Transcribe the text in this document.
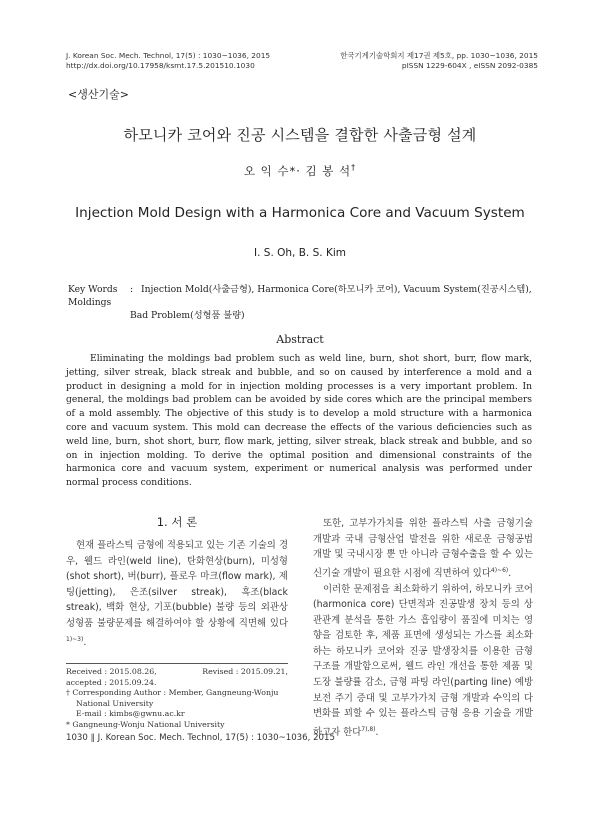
J. Korean Soc. Mech. Technol, 17(5) : 1030~1036, 2015
http://dx.doi.org/10.17958/ksmt.17.5.201510.1030
한국기계기술학회지 제17권 제5호, pp. 1030~1036, 2015
pISSN 1229-604X , eISSN 2092-0385
<생산기술>
하모니카 코어와 진공 시스템을 결합한 사출금형 설계
오 익 수*· 김 봉 석†
Injection Mold Design with a Harmonica Core and Vacuum System
I. S. Oh, B. S. Kim
Key Words : Injection Mold(사출금형), Harmonica Core(하모니카 코어), Vacuum System(진공시스템), Moldings
Bad Problem(성형품 불량)
Abstract
Eliminating the moldings bad problem such as weld line, burn, shot short, burr, flow mark, jetting, silver streak, black streak and bubble, and so on caused by interference a mold and a product in designing a mold for in injection molding processes is a very important problem. In general, the moldings bad problem can be avoided by side cores which are the principal members of a mold assembly. The objective of this study is to develop a mold structure with a harmonica core and vacuum system. This mold can decrease the effects of the various deficiencies such as weld line, burn, shot short, burr, flow mark, jetting, silver streak, black streak and bubble, and so on in injection molding. To derive the optimal position and dimensional constraints of the harmonica core and vacuum system, experiment or numerical analysis was performed under normal process conditions.
1. 서 론

현재 플라스틱 금형에 적용되고 있는 기존 기술의 경우, 웰드 라인(weld line), 탄화현상(burn), 미성형(shot short), 버(burr), 플로우 마크(flow mark), 제팅(jetting), 은조(silver streak), 흑조(black streak), 백화 현상, 기포(bubble) 불량 등의 외관상 성형품 불량문제를 해결하여야 할 상황에 직면해 있다$^{1)\sim 3)}$.

Received : 2015.08.26,	Revised : 2015.09.21,
accepted : 2015.09.24.
† Corresponding Author : Member, Gangneung-Wonju
National University
E-mail : kimbs@gwnu.ac.kr
* Gangneung-Wonju National University

또한, 고부가가치를 위한 플라스틱 사출 금형기술 개발과 국내 금형산업 발전을 위한 새로운 금형공법 개발 및 국내시장 뿐 만 아니라 금형수출을 할 수 있는 신기술 개발이 필요한 시점에 직면하여 있다$^{4)\sim 6)}$.

이러한 문제점을 최소화하기 위하여, 하모니카 코어(harmonica core) 단면적과 진공발생 장치 등의 상관관계 분석을 통한 가스 흡입량이 품질에 미치는 영향을 검토한 후, 제품 표면에 생성되는 가스를 최소화하는 하모니카 코어와 진공 발생장치를 이용한 금형 구조를 개발함으로써, 웰드 라인 개선을 통한 제품 및 도장 불량률 감소, 금형 파팅 라인(parting line) 예방 보전 주기 증대 및 고부가가치 금형 개발과 수익의 다변화를 꾀할 수 있는 플라스틱 금형 응용 기술을 개발하고자 한다$^{7),8)}$.

1030 ∥ J. Korean Soc. Mech. Technol, 17(5) : 1030~1036, 2015
